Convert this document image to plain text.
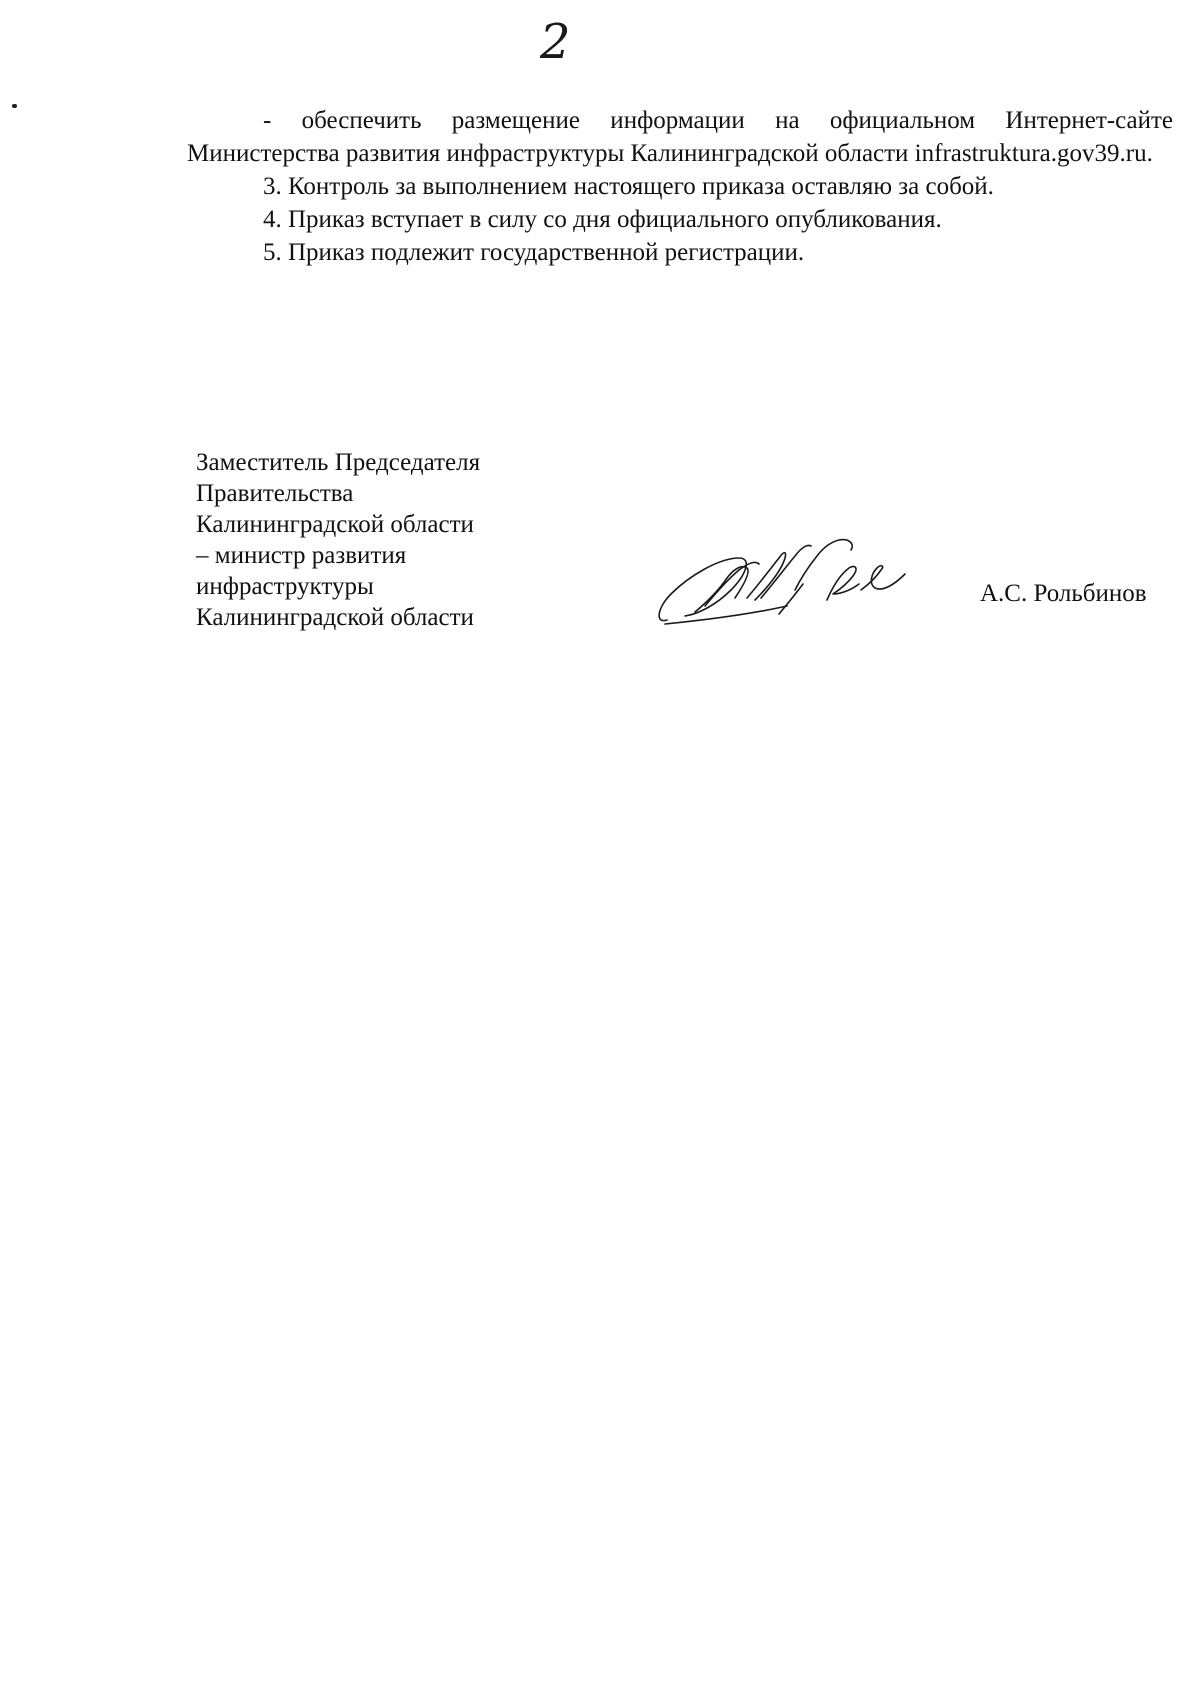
2

- обеспечить размещение информации на официальном Интернет-сайте Министерства развития инфраструктуры Калининградской области infrastruktura.gov39.ru.

3. Контроль за выполнением настоящего приказа оставляю за собой.

4. Приказ вступает в силу со дня официального опубликования.

5. Приказ подлежит государственной регистрации.

Заместитель Председателя
Правительства
Калининградской области
– министр развития
инфраструктуры
Калининградской области
А.С. Рольбинов
